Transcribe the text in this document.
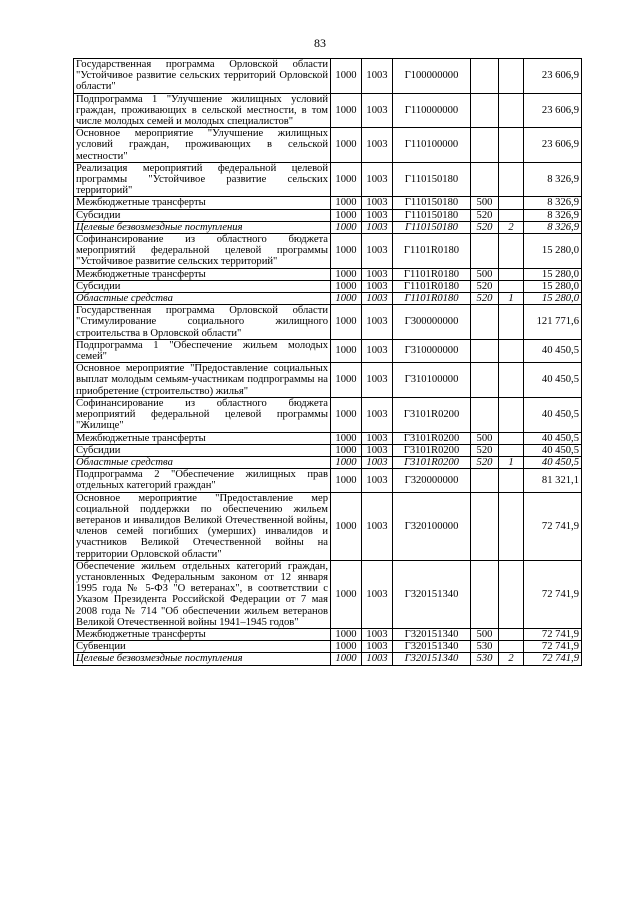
83
Государственная программа Орловской области "Устойчивое развитие сельских территорий Орловской области"	1000	1003	Г100000000			23 606,9
Подпрограмма 1 "Улучшение жилищных условий граждан, проживающих в сельской местности, в том числе молодых семей и молодых специалистов"	1000	1003	Г110000000			23 606,9
Основное мероприятие "Улучшение жилищных условий граждан, проживающих в сельской местности"	1000	1003	Г110100000			23 606,9
Реализация мероприятий федеральной целевой программы "Устойчивое развитие сельских территорий"	1000	1003	Г110150180			8 326,9
Межбюджетные трансферты	1000	1003	Г110150180	500		8 326,9
Субсидии	1000	1003	Г110150180	520		8 326,9
Целевые безвозмездные поступления	1000	1003	Г110150180	520	2	8 326,9
Софинансирование из областного бюджета мероприятий федеральной целевой программы "Устойчивое развитие сельских территорий"	1000	1003	Г1101R0180			15 280,0
Межбюджетные трансферты	1000	1003	Г1101R0180	500		15 280,0
Субсидии	1000	1003	Г1101R0180	520		15 280,0
Областные средства	1000	1003	Г1101R0180	520	1	15 280,0
Государственная программа Орловской области "Стимулирование социального жилищного строительства в Орловской области"	1000	1003	Г300000000			121 771,6
Подпрограмма 1 "Обеспечение жильем молодых семей"	1000	1003	Г310000000			40 450,5
Основное мероприятие "Предоставление социальных выплат молодым семьям-участникам подпрограммы на приобретение (строительство) жилья"	1000	1003	Г310100000			40 450,5
Софинансирование из областного бюджета мероприятий федеральной целевой программы "Жилище"	1000	1003	Г3101R0200			40 450,5
Межбюджетные трансферты	1000	1003	Г3101R0200	500		40 450,5
Субсидии	1000	1003	Г3101R0200	520		40 450,5
Областные средства	1000	1003	Г3101R0200	520	1	40 450,5
Подпрограмма 2 "Обеспечение жилищных прав отдельных категорий граждан"	1000	1003	Г320000000			81 321,1
Основное мероприятие "Предоставление мер социальной поддержки по обеспечению жильем ветеранов и инвалидов Великой Отечественной войны, членов семей погибших (умерших) инвалидов и участников Великой Отечественной войны на территории Орловской области"	1000	1003	Г320100000			72 741,9
Обеспечение жильем отдельных категорий граждан, установленных Федеральным законом от 12 января 1995 года № 5-ФЗ "О ветеранах", в соответствии с Указом Президента Российской Федерации от 7 мая 2008 года № 714 "Об обеспечении жильем ветеранов Великой Отечественной войны 1941–1945 годов"	1000	1003	Г320151340			72 741,9
Межбюджетные трансферты	1000	1003	Г320151340	500		72 741,9
Субвенции	1000	1003	Г320151340	530		72 741,9
Целевые безвозмездные поступления	1000	1003	Г320151340	530	2	72 741,9
